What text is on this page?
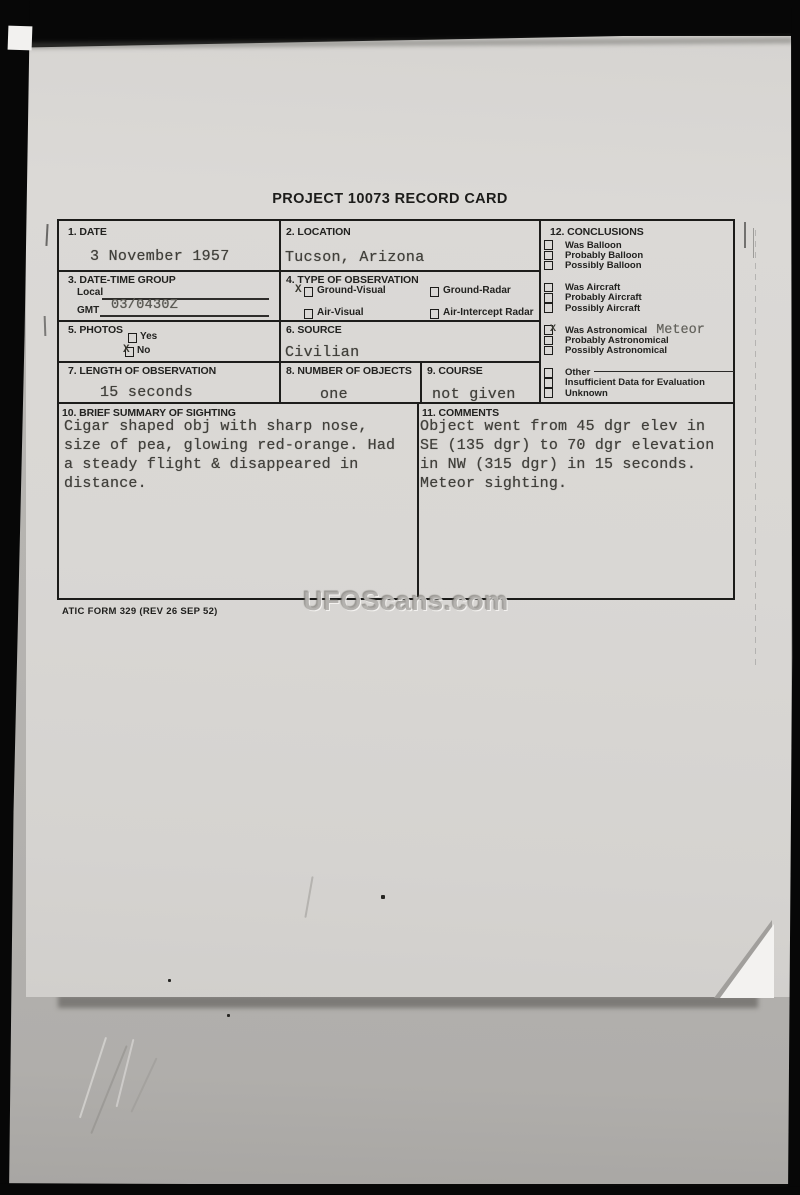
PROJECT 10073 RECORD CARD
1. DATE
3 November 1957
2. LOCATION
Tucson, Arizona
3. DATE-TIME GROUP
Local
GMT 03/0430Z
4. TYPE OF OBSERVATION
X Ground-Visual	Ground-Radar
Air-Visual	Air-Intercept Radar
5. PHOTOS
Yes
X No
6. SOURCE
Civilian
7. LENGTH OF OBSERVATION
15 seconds
8. NUMBER OF OBJECTS
one
9. COURSE
not given
10. BRIEF SUMMARY OF SIGHTING
Cigar shaped obj with sharp nose,
size of pea, glowing red-orange. Had
a steady flight & disappeared in
distance.
11. COMMENTS
Object went from 45 dgr elev in
SE (135 dgr) to 70 dgr elevation
in NW (315 dgr) in 15 seconds.
Meteor sighting.
12. CONCLUSIONS
Was Balloon
Probably Balloon
Possibly Balloon
Was Aircraft
Probably Aircraft
Possibly Aircraft
X Was Astronomical Meteor
Probably Astronomical
Possibly Astronomical
Other
Insufficient Data for Evaluation
Unknown
ATIC FORM 329 (REV 26 SEP 52)	UFOScans.com
